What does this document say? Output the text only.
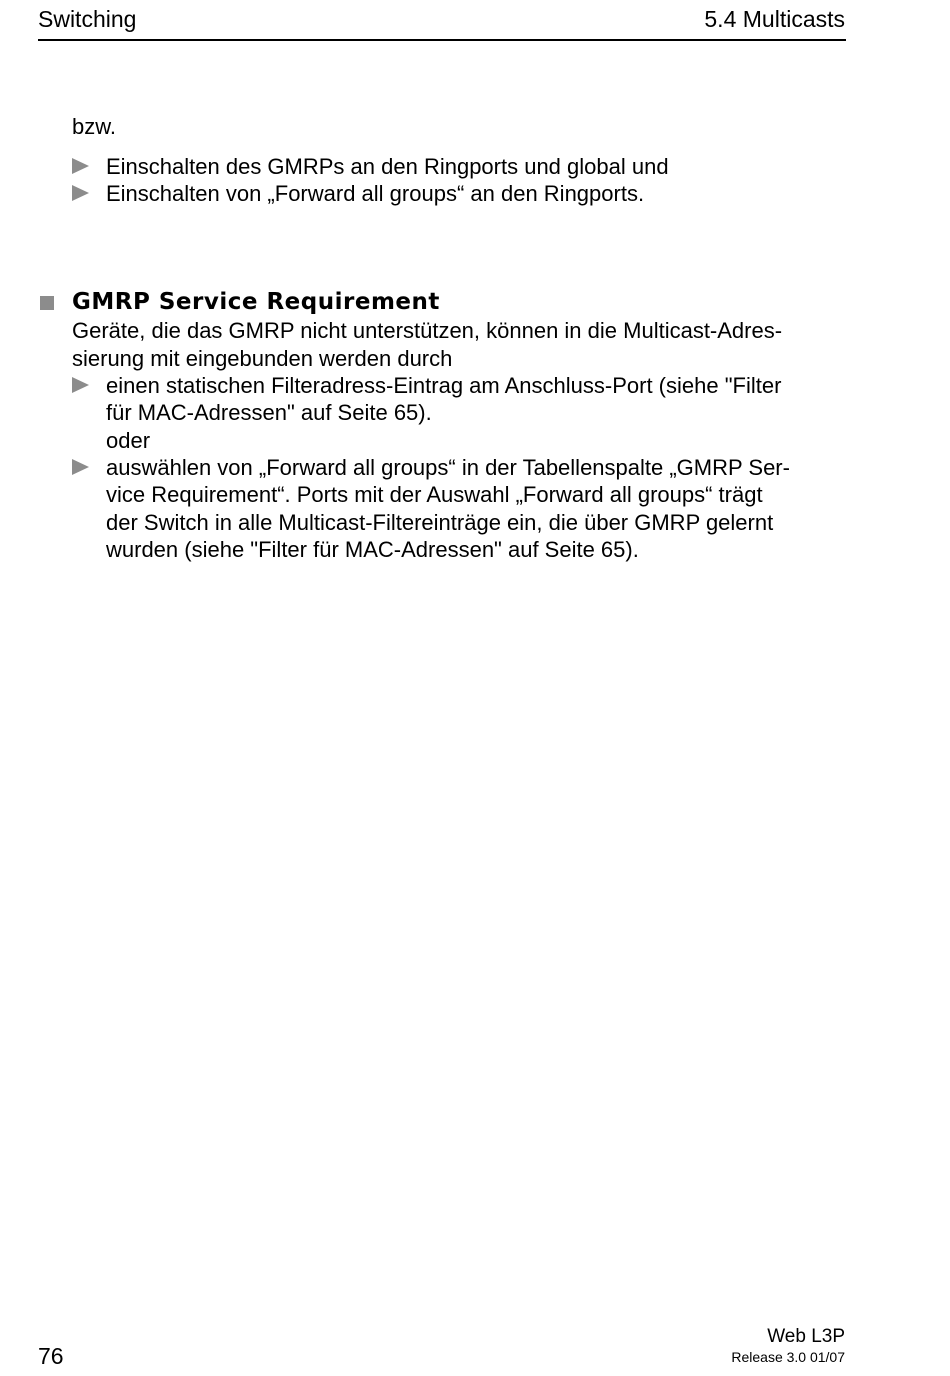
Switching	5.4 Multicasts
bzw.
Einschalten des GMRPs an den Ringports und global und
Einschalten von „Forward all groups“ an den Ringports.
GMRP Service Requirement
Geräte, die das GMRP nicht unterstützen, können in die Multicast-Adres-
sierung mit eingebunden werden durch
einen statischen Filteradress-Eintrag am Anschluss-Port (siehe "Filter
für MAC-Adressen" auf Seite 65).
oder
auswählen von „Forward all groups“ in der Tabellenspalte „GMRP Ser-
vice Requirement“. Ports mit der Auswahl „Forward all groups“ trägt
der Switch in alle Multicast-Filtereinträge ein, die über GMRP gelernt
wurden (siehe "Filter für MAC-Adressen" auf Seite 65).
76
Web L3P
Release 3.0 01/07
